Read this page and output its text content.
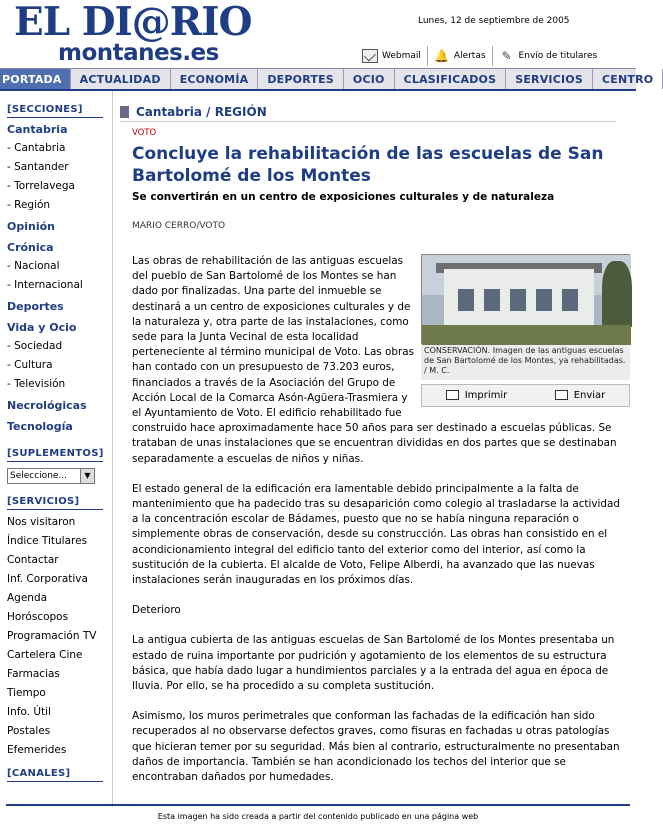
EL DI@RIO
montanes.es
Lunes, 12 de septiembre de 2005
Webmail 🔔 Alertas ✎ Envío de titulares
PORTADA	ACTUALIDAD	ECONOMÍA	DEPORTES	OCIO	CLASIFICADOS	SERVICIOS	CENTRO
[SECCIONES]
Cantabria
- Cantabria
- Santander
- Torrelavega
- Región
Opinión
Crónica
- Nacional
- Internacional
Deportes
Vida y Ocio
- Sociedad
- Cultura
- Televisión
Necrológicas
Tecnología
[SUPLEMENTOS]
Seleccione...	▼
[SERVICIOS]
Nos visitaron
Índice Titulares
Contactar
Inf. Corporativa
Agenda
Horóscopos
Programación TV
Cartelera Cine
Farmacias
Tiempo
Info. Útil
Postales
Efemerides
[CANALES]
Cantabria / REGIÓN
VOTO
Concluye la rehabilitación de las escuelas de San Bartolomé de los Montes
Se convertirán en un centro de exposiciones culturales y de naturaleza
MARIO CERRO/VOTO
CONSERVACIÓN. Imagen de las antiguas escuelas de San Bartolomé de los Montes, ya rehabilitadas. / M. C.
Imprimir	Enviar

Las obras de rehabilitación de las antiguas escuelas del pueblo de San Bartolomé de los Montes se han dado por finalizadas. Una parte del inmueble se destinará a un centro de exposiciones culturales y de la naturaleza y, otra parte de las instalaciones, como sede para la Junta Vecinal de esta localidad perteneciente al término municipal de Voto. Las obras han contado con un presupuesto de 73.203 euros, financiados a través de la Asociación del Grupo de Acción Local de la Comarca Asón-Agüera-Trasmiera y el Ayuntamiento de Voto. El edificio rehabilitado fue construido hace aproximadamente hace 50 años para ser destinado a escuelas públicas. Se trataban de unas instalaciones que se encuentran divididas en dos partes que se destinaban separadamente a escuelas de niños y niñas.

El estado general de la edificación era lamentable debido principalmente a la falta de mantenimiento que ha padecido tras su desaparición como colegio al trasladarse la actividad a la concentración escolar de Bádames, puesto que no se había ninguna reparación o simplemente obras de conservación, desde su construcción. Las obras han consistido en el acondicionamiento integral del edificio tanto del exterior como del interior, así como la sustitución de la cubierta. El alcalde de Voto, Felipe Alberdi, ha avanzado que las nuevas instalaciones serán inauguradas en los próximos días.

Deterioro

La antigua cubierta de las antiguas escuelas de San Bartolomé de los Montes presentaba un estado de ruina importante por pudrición y agotamiento de los elementos de su estructura básica, que había dado lugar a hundimientos parciales y a la entrada del agua en época de lluvia. Por ello, se ha procedido a su completa sustitución.

Asimismo, los muros perimetrales que conforman las fachadas de la edificación han sido recuperados al no observarse defectos graves, como fisuras en fachadas u otras patologías que hicieran temer por su seguridad. Más bien al contrario, estructuralmente no presentaban daños de importancia. También se han acondicionado los techos del interior que se encontraban dañados por humedades.

Esta imagen ha sido creada a partir del contenido publicado en una página web
